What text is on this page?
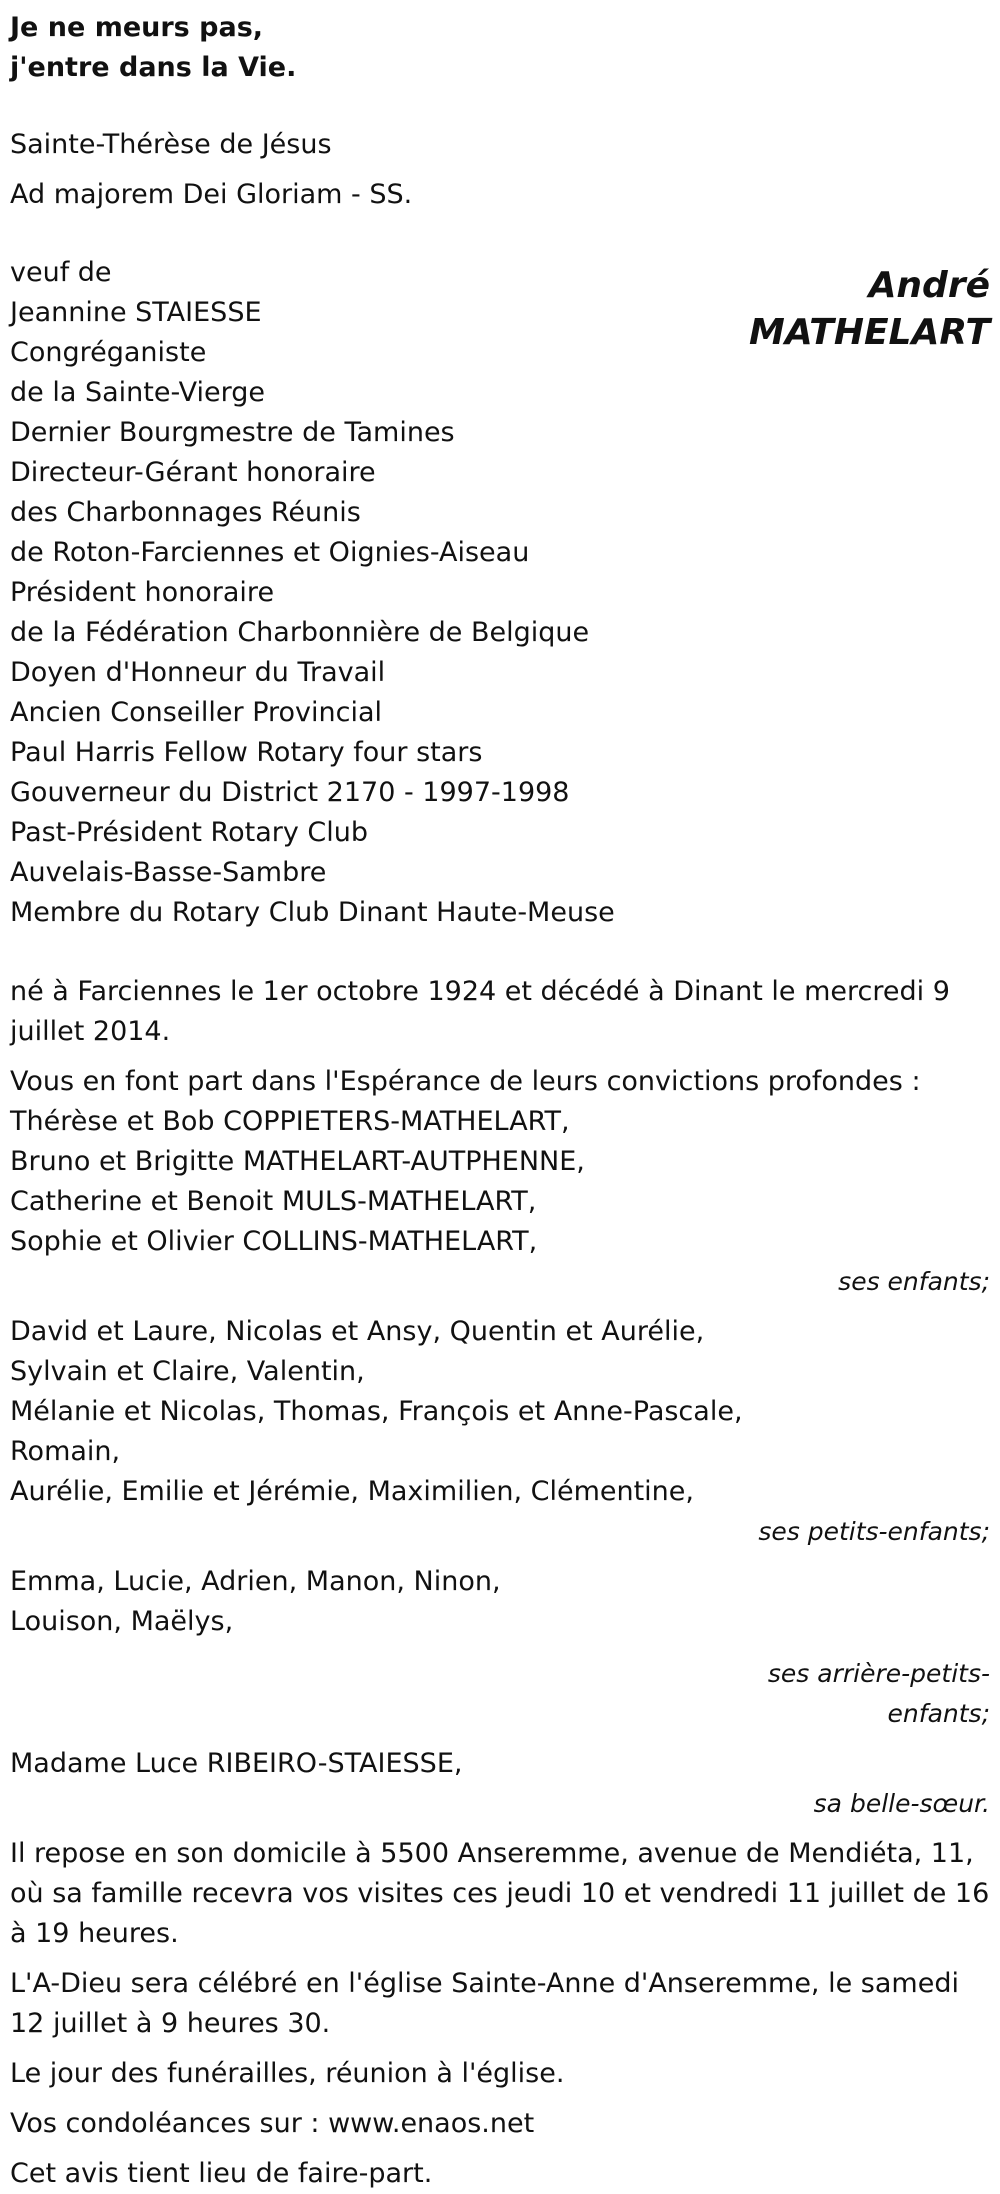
Je ne meurs pas,

j'entre dans la Vie.

Sainte-Thérèse de Jésus

Ad majorem Dei Gloriam - SS.

André
MATHELART

veuf de

Jeannine STAIESSE

Congréganiste

de la Sainte-Vierge

Dernier Bourgmestre de Tamines

Directeur-Gérant honoraire

des Charbonnages Réunis

de Roton-Farciennes et Oignies-Aiseau

Président honoraire

de la Fédération Charbonnière de Belgique

Doyen d'Honneur du Travail

Ancien Conseiller Provincial

Paul Harris Fellow Rotary four stars

Gouverneur du District 2170 - 1997-1998

Past-Président Rotary Club

Auvelais-Basse-Sambre

Membre du Rotary Club Dinant Haute-Meuse

né à Farciennes le 1er octobre 1924 et décédé à Dinant le mercredi 9 juillet 2014.

Vous en font part dans l'Espérance de leurs convictions profondes :

Thérèse et Bob COPPIETERS-MATHELART,

Bruno et Brigitte MATHELART-AUTPHENNE,

Catherine et Benoit MULS-MATHELART,

Sophie et Olivier COLLINS-MATHELART,

ses enfants;

David et Laure, Nicolas et Ansy, Quentin et Aurélie,

Sylvain et Claire, Valentin,

Mélanie et Nicolas, Thomas, François et Anne-Pascale,

Romain,

Aurélie, Emilie et Jérémie, Maximilien, Clémentine,

ses petits-enfants;

Emma, Lucie, Adrien, Manon, Ninon,

Louison, Maëlys,

ses arrière-petits-

enfants;

Madame Luce RIBEIRO-STAIESSE,

sa belle-sœur.

Il repose en son domicile à 5500 Anseremme, avenue de Mendiéta, 11, où sa famille recevra vos visites ces jeudi 10 et vendredi 11 juillet de 16 à 19 heures.

L'A-Dieu sera célébré en l'église Sainte-Anne d'Anseremme, le samedi 12 juillet à 9 heures 30.

Le jour des funérailles, réunion à l'église.

Vos condoléances sur : www.enaos.net

Cet avis tient lieu de faire-part.
